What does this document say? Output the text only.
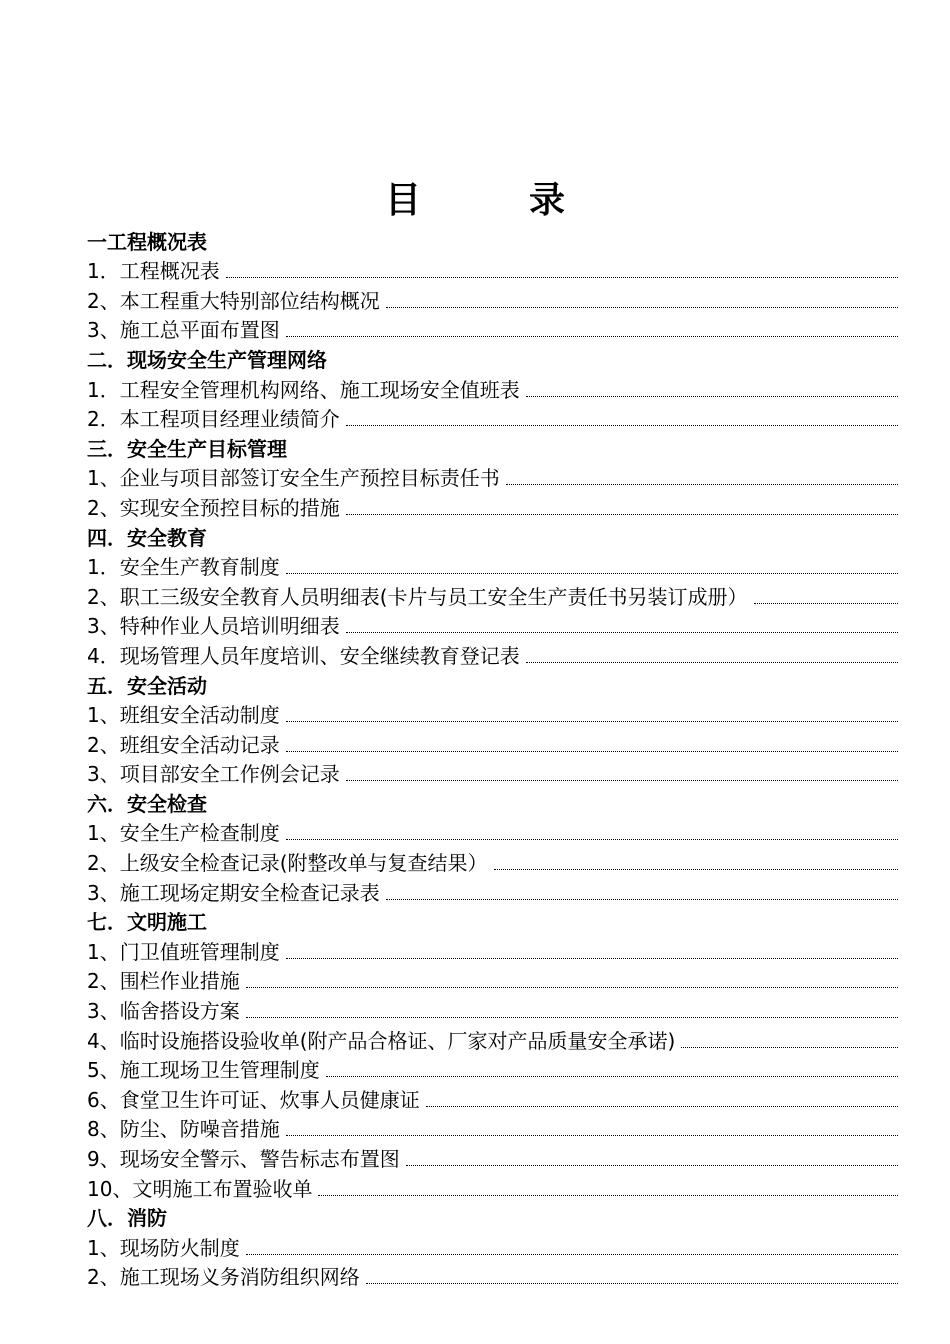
目　录
一工程概况表
1．工程概况表
2、本工程重大特别部位结构概况
3、施工总平面布置图
二．现场安全生产管理网络
1．工程安全管理机构网络、施工现场安全值班表
2．本工程项目经理业绩简介
三．安全生产目标管理
1、企业与项目部签订安全生产预控目标责任书
2、实现安全预控目标的措施
四．安全教育
1．安全生产教育制度
2、职工三级安全教育人员明细表(卡片与员工安全生产责任书另装订成册）
3、特种作业人员培训明细表
4．现场管理人员年度培训、安全继续教育登记表
五．安全活动
1、班组安全活动制度
2、班组安全活动记录
3、项目部安全工作例会记录
六．安全检查
1、安全生产检查制度
2、上级安全检查记录(附整改单与复查结果）
3、施工现场定期安全检查记录表
七．文明施工
1、门卫值班管理制度
2、围栏作业措施
3、临舍搭设方案
4、临时设施搭设验收单(附产品合格证、厂家对产品质量安全承诺)
5、施工现场卫生管理制度
6、食堂卫生许可证、炊事人员健康证
8、防尘、防噪音措施
9、现场安全警示、警告标志布置图
10、文明施工布置验收单
八．消防
1、现场防火制度
2、施工现场义务消防组织网络
